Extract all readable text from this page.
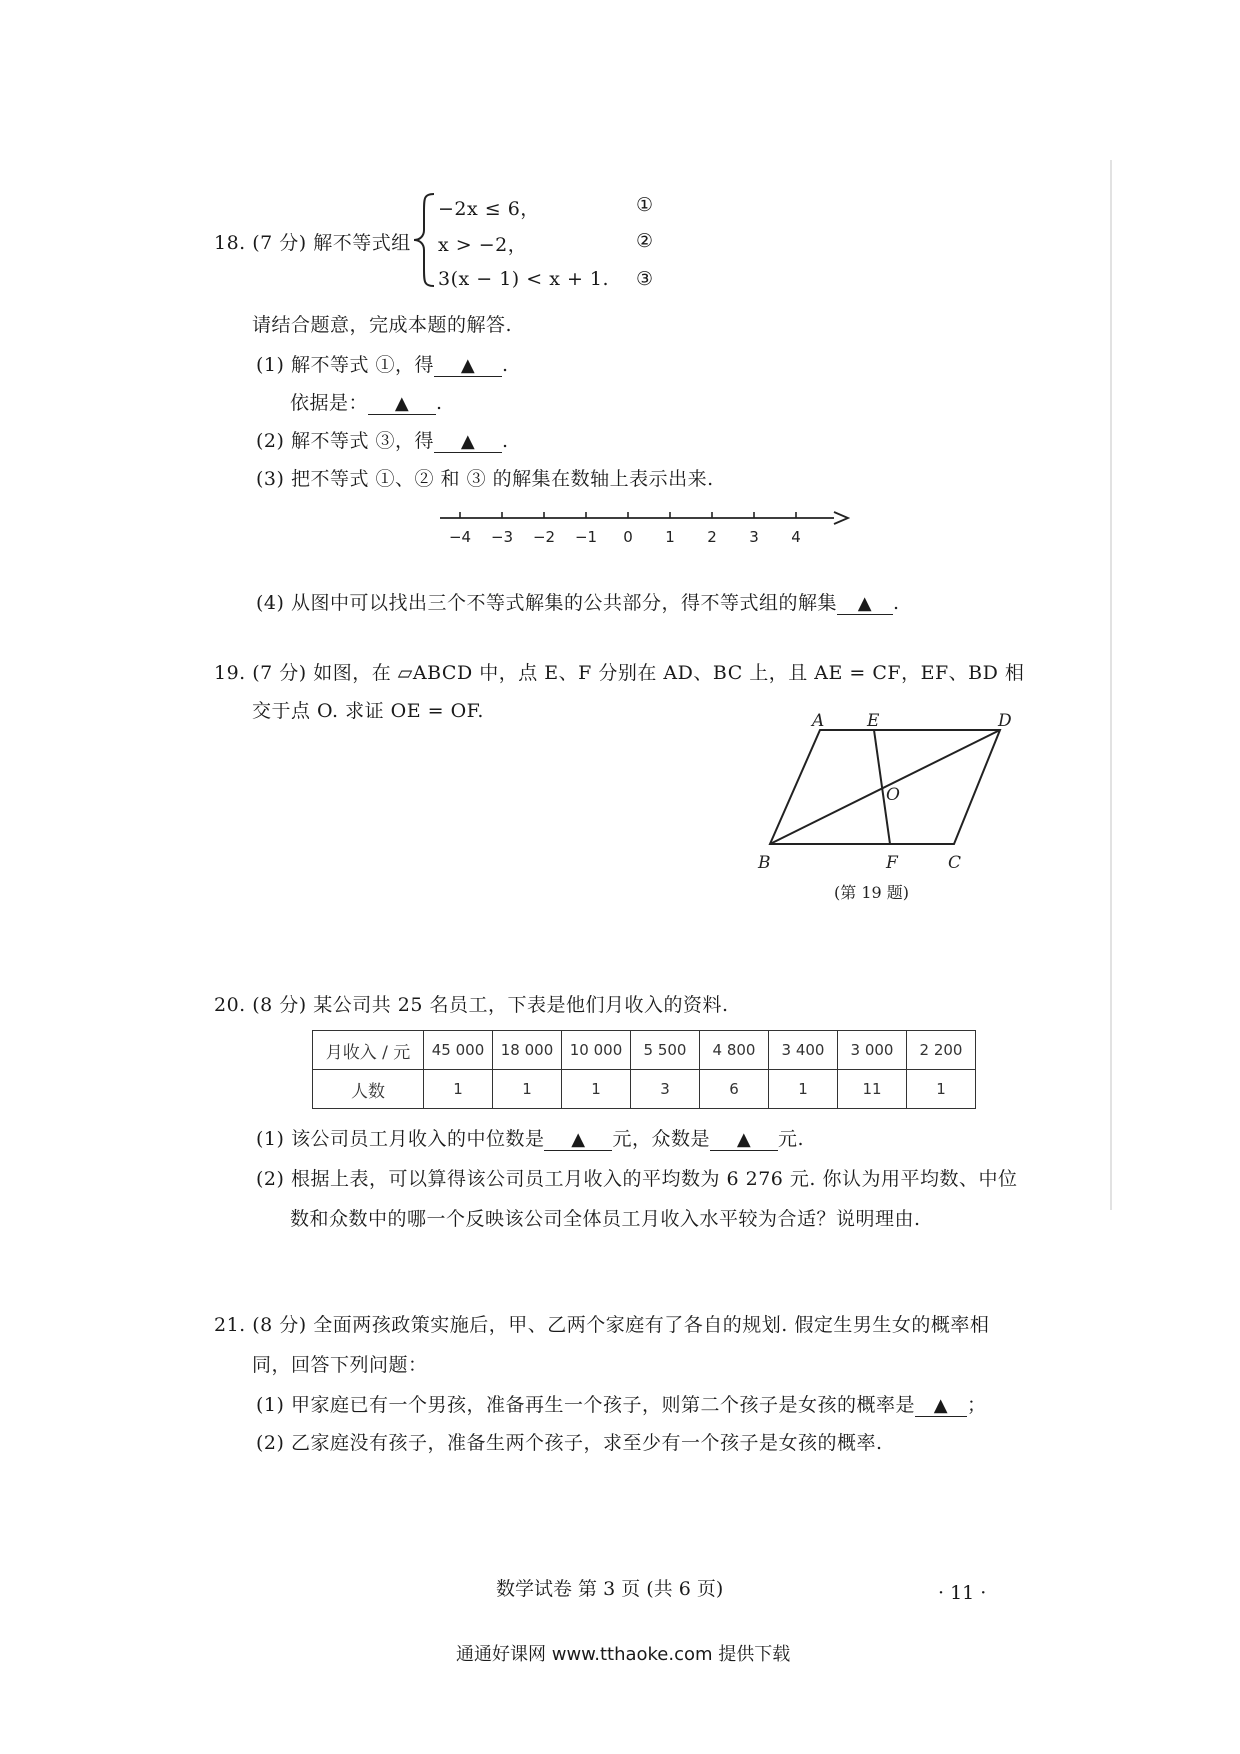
18. (7 分) 解不等式组
−2x ≤ 6，	①
x > −2，	②
3(x − 1) < x + 1. ③
请结合题意，完成本题的解答.
(1) 解不等式 ①，得 ▲ .
依据是： ▲ .
(2) 解不等式 ③，得 ▲ .
(3) 把不等式 ①、② 和 ③ 的解集在数轴上表示出来.
−4 −3 −2 −1 0 1 2 3 4
(4) 从图中可以找出三个不等式解集的公共部分，得不等式组的解集 ▲ .
19. (7 分) 如图，在 ▱ABCD 中，点 E、F 分别在 AD、BC 上，且 AE = CF，EF、BD 相
交于点 O. 求证 OE = OF.	A	E	D
O
B	F	C
(第 19 题)
20. (8 分) 某公司共 25 名员工，下表是他们月收入的资料.
月收入 / 元	45 000	18 000	10 000	5 500	4 800	3 400	3 000	2 200
人数	1	1	1	3	6	1	11	1
(1) 该公司员工月收入的中位数是 ▲ 元，众数是 ▲ 元.
(2) 根据上表，可以算得该公司员工月收入的平均数为 6 276 元. 你认为用平均数、中位
数和众数中的哪一个反映该公司全体员工月收入水平较为合适？说明理由.
21. (8 分) 全面两孩政策实施后，甲、乙两个家庭有了各自的规划. 假定生男生女的概率相
同，回答下列问题：
(1) 甲家庭已有一个男孩，准备再生一个孩子，则第二个孩子是女孩的概率是 ▲ ；
(2) 乙家庭没有孩子，准备生两个孩子，求至少有一个孩子是女孩的概率.
数学试卷 第 3 页 (共 6 页)	· 11 ·
通通好课网 www.tthaoke.com 提供下载
